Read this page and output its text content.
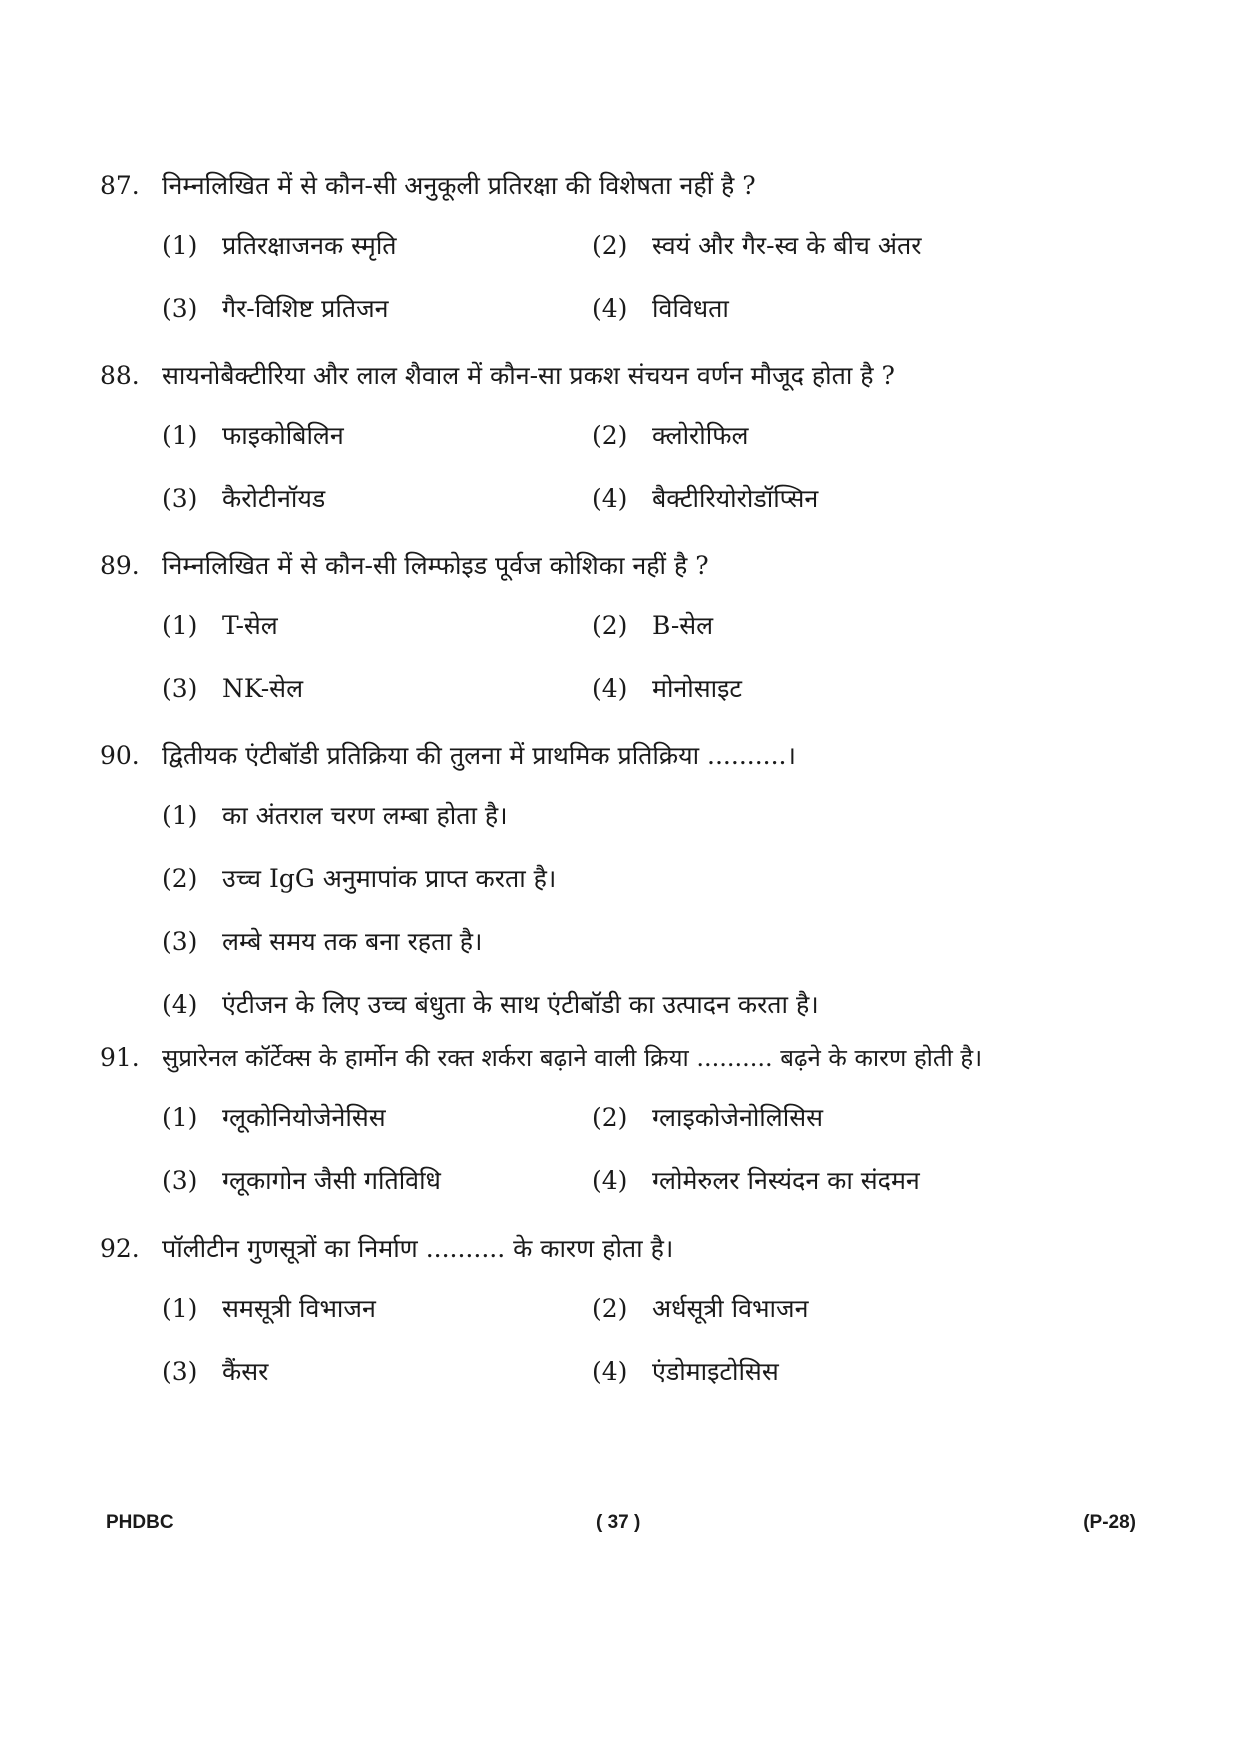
87. निम्नलिखित में से कौन-सी अनुकूली प्रतिरक्षा की विशेषता नहीं है ?
(1) प्रतिरक्षाजनक स्मृति	(2) स्वयं और गैर-स्व के बीच अंतर
(3) गैर-विशिष्ट प्रतिजन	(4) विविधता
88. सायनोबैक्टीरिया और लाल शैवाल में कौन-सा प्रकश संचयन वर्णन मौजूद होता है ?
(1) फाइकोबिलिन	(2) क्लोरोफिल
(3) कैरोटीनॉयड	(4) बैक्टीरियोरोडॉप्सिन
89. निम्नलिखित में से कौन-सी लिम्फोइड पूर्वज कोशिका नहीं है ?
(1) T-सेल	(2) B-सेल
(3) NK-सेल	(4) मोनोसाइट
90. द्वितीयक एंटीबॉडी प्रतिक्रिया की तुलना में प्राथमिक प्रतिक्रिया ..........।
(1) का अंतराल चरण लम्बा होता है।
(2) उच्च IgG अनुमापांक प्राप्त करता है।
(3) लम्बे समय तक बना रहता है।
(4) एंटीजन के लिए उच्च बंधुता के साथ एंटीबॉडी का उत्पादन करता है।
91. सुप्रारेनल कॉर्टेक्स के हार्मोन की रक्त शर्करा बढ़ाने वाली क्रिया .......... बढ़ने के कारण होती है।
(1) ग्लूकोनियोजेनेसिस	(2) ग्लाइकोजेनोलिसिस
(3) ग्लूकागोन जैसी गतिविधि	(4) ग्लोमेरुलर निस्यंदन का संदमन
92. पॉलीटीन गुणसूत्रों का निर्माण .......... के कारण होता है।
(1) समसूत्री विभाजन	(2) अर्धसूत्री विभाजन
(3) कैंसर	(4) एंडोमाइटोसिस
PHDBC	( 37 )	(P-28)
